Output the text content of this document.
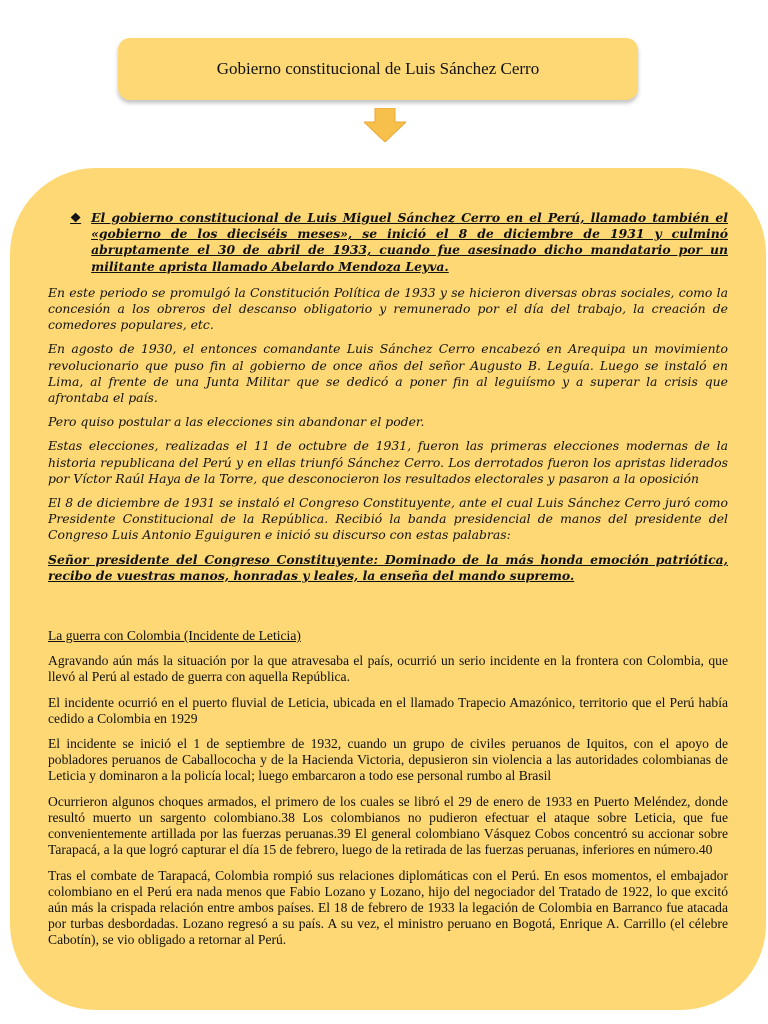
Gobierno constitucional de Luis Sánchez Cerro
❖ El gobierno constitucional de Luis Miguel Sánchez Cerro en el Perú, llamado también el «gobierno de los dieciséis meses», se inició el 8 de diciembre de 1931 y culminó abruptamente el 30 de abril de 1933, cuando fue asesinado dicho mandatario por un militante aprista llamado Abelardo Mendoza Leyva.

En este periodo se promulgó la Constitución Política de 1933 y se hicieron diversas obras sociales, como la concesión a los obreros del descanso obligatorio y remunerado por el día del trabajo, la creación de comedores populares, etc.

En agosto de 1930, el entonces comandante Luis Sánchez Cerro encabezó en Arequipa un movimiento revolucionario que puso fin al gobierno de once años del señor Augusto B. Leguía. Luego se instaló en Lima, al frente de una Junta Militar que se dedicó a poner fin al leguiísmo y a superar la crisis que afrontaba el país.

Pero quiso postular a las elecciones sin abandonar el poder.

Estas elecciones, realizadas el 11 de octubre de 1931, fueron las primeras elecciones modernas de la historia republicana del Perú y en ellas triunfó Sánchez Cerro. Los derrotados fueron los apristas liderados por Víctor Raúl Haya de la Torre, que desconocieron los resultados electorales y pasaron a la oposición

El 8 de diciembre de 1931 se instaló el Congreso Constituyente, ante el cual Luis Sánchez Cerro juró como Presidente Constitucional de la República. Recibió la banda presidencial de manos del presidente del Congreso Luis Antonio Eguiguren e inició su discurso con estas palabras:

Señor presidente del Congreso Constituyente: Dominado de la más honda emoción patriótica, recibo de vuestras manos, honradas y leales, la enseña del mando supremo.

La guerra con Colombia (Incidente de Leticia)

Agravando aún más la situación por la que atravesaba el país, ocurrió un serio incidente en la frontera con Colombia, que llevó al Perú al estado de guerra con aquella República.

El incidente ocurrió en el puerto fluvial de Leticia, ubicada en el llamado Trapecio Amazónico, territorio que el Perú había cedido a Colombia en 1929

El incidente se inició el 1 de septiembre de 1932, cuando un grupo de civiles peruanos de Iquitos, con el apoyo de pobladores peruanos de Caballococha y de la Hacienda Victoria, depusieron sin violencia a las autoridades colombianas de Leticia y dominaron a la policía local; luego embarcaron a todo ese personal rumbo al Brasil

Ocurrieron algunos choques armados, el primero de los cuales se libró el 29 de enero de 1933 en Puerto Meléndez, donde resultó muerto un sargento colombiano.38 Los colombianos no pudieron efectuar el ataque sobre Leticia, que fue convenientemente artillada por las fuerzas peruanas.39 El general colombiano Vásquez Cobos concentró su accionar sobre Tarapacá, a la que logró capturar el día 15 de febrero, luego de la retirada de las fuerzas peruanas, inferiores en número.40

Tras el combate de Tarapacá, Colombia rompió sus relaciones diplomáticas con el Perú. En esos momentos, el embajador colombiano en el Perú era nada menos que Fabio Lozano y Lozano, hijo del negociador del Tratado de 1922, lo que excitó aún más la crispada relación entre ambos países. El 18 de febrero de 1933 la legación de Colombia en Barranco fue atacada por turbas desbordadas. Lozano regresó a su país. A su vez, el ministro peruano en Bogotá, Enrique A. Carrillo (el célebre Cabotín), se vio obligado a retornar al Perú.
